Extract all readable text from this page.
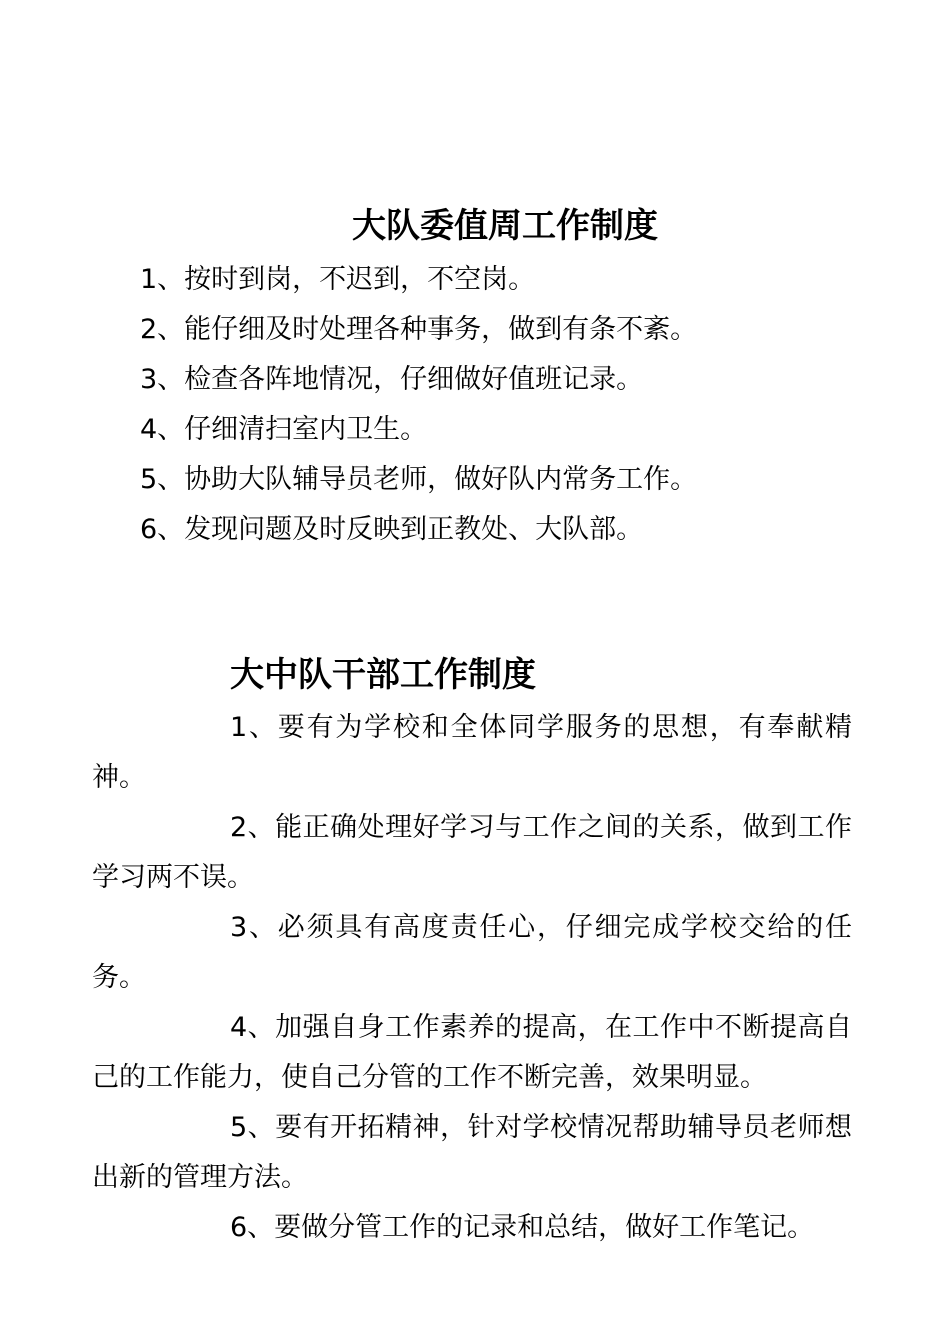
大队委值周工作制度
1、按时到岗，不迟到，不空岗。
2、能仔细及时处理各种事务，做到有条不紊。
3、检查各阵地情况，仔细做好值班记录。
4、仔细清扫室内卫生。
5、协助大队辅导员老师，做好队内常务工作。
6、发现问题及时反映到正教处、大队部。
大中队干部工作制度
1、要有为学校和全体同学服务的思想，有奉献精神。
2、能正确处理好学习与工作之间的关系，做到工作学习两不误。
3、必须具有高度责任心，仔细完成学校交给的任务。
4、加强自身工作素养的提高，在工作中不断提高自己的工作能力，使自己分管的工作不断完善，效果明显。
5、要有开拓精神，针对学校情况帮助辅导员老师想出新的管理方法。
6、要做分管工作的记录和总结，做好工作笔记。
